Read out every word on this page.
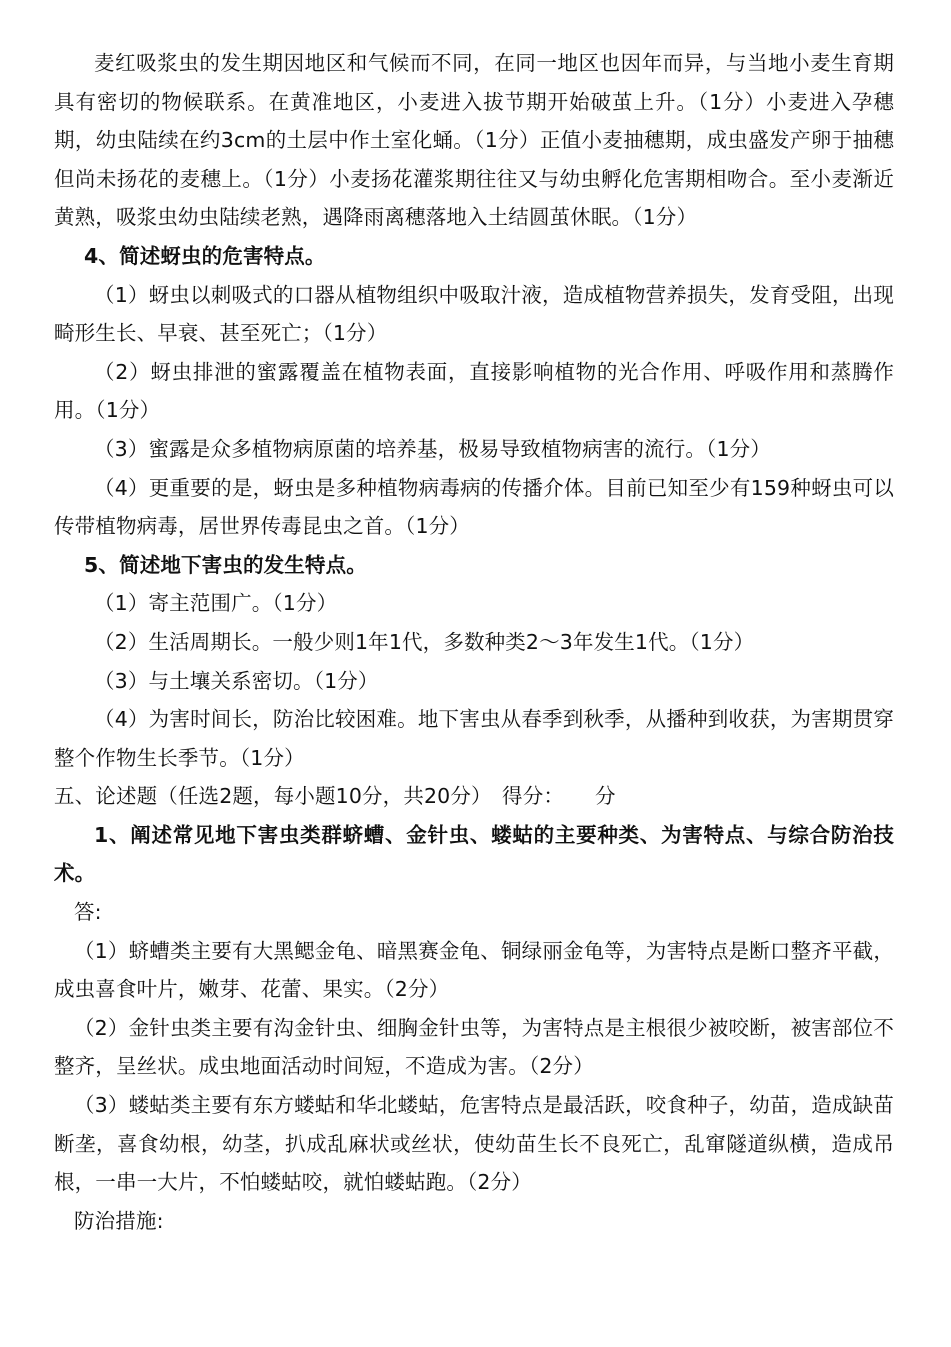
麦红吸浆虫的发生期因地区和气候而不同，在同一地区也因年而异，与当地小麦生育期具有密切的物候联系。在黄准地区，小麦进入拔节期开始破茧上升。（1分）小麦进入孕穗期，幼虫陆续在约3cm的土层中作土室化蛹。（1分）正值小麦抽穗期，成虫盛发产卵于抽穗但尚未扬花的麦穗上。（1分）小麦扬花灌浆期往往又与幼虫孵化危害期相吻合。至小麦渐近黄熟，吸浆虫幼虫陆续老熟，遇降雨离穗落地入土结圆茧休眠。（1分）

4、简述蚜虫的危害特点。

（1）蚜虫以刺吸式的口器从植物组织中吸取汁液，造成植物营养损失，发育受阻，出现畸形生长、早衰、甚至死亡；（1分）

（2）蚜虫排泄的蜜露覆盖在植物表面，直接影响植物的光合作用、呼吸作用和蒸腾作用。（1分）

（3）蜜露是众多植物病原菌的培养基，极易导致植物病害的流行。（1分）

（4）更重要的是，蚜虫是多种植物病毒病的传播介体。目前已知至少有159种蚜虫可以传带植物病毒，居世界传毒昆虫之首。（1分）

5、简述地下害虫的发生特点。

（1）寄主范围广。（1分）

（2）生活周期长。一般少则1年1代，多数种类2～3年发生1代。（1分）

（3）与土壤关系密切。（1分）

（4）为害时间长，防治比较困难。地下害虫从春季到秋季，从播种到收获，为害期贯穿整个作物生长季节。（1分）

五、论述题（任选2题，每小题10分，共20分）　得分：　　分

1、阐述常见地下害虫类群蛴螬、金针虫、蝼蛄的主要种类、为害特点、与综合防治技术。

答:

（1）蛴螬类主要有大黑鳃金龟、暗黑赛金龟、铜绿丽金龟等，为害特点是断口整齐平截，成虫喜食叶片，嫩芽、花蕾、果实。（2分）

（2）金针虫类主要有沟金针虫、细胸金针虫等，为害特点是主根很少被咬断，被害部位不整齐，呈丝状。成虫地面活动时间短，不造成为害。（2分）

（3）蝼蛄类主要有东方蝼蛄和华北蝼蛄，危害特点是最活跃，咬食种子，幼苗，造成缺苗断垄，喜食幼根，幼茎，扒成乱麻状或丝状，使幼苗生长不良死亡，乱窜隧道纵横，造成吊根，一串一大片，不怕蝼蛄咬，就怕蝼蛄跑。（2分）

防治措施:
